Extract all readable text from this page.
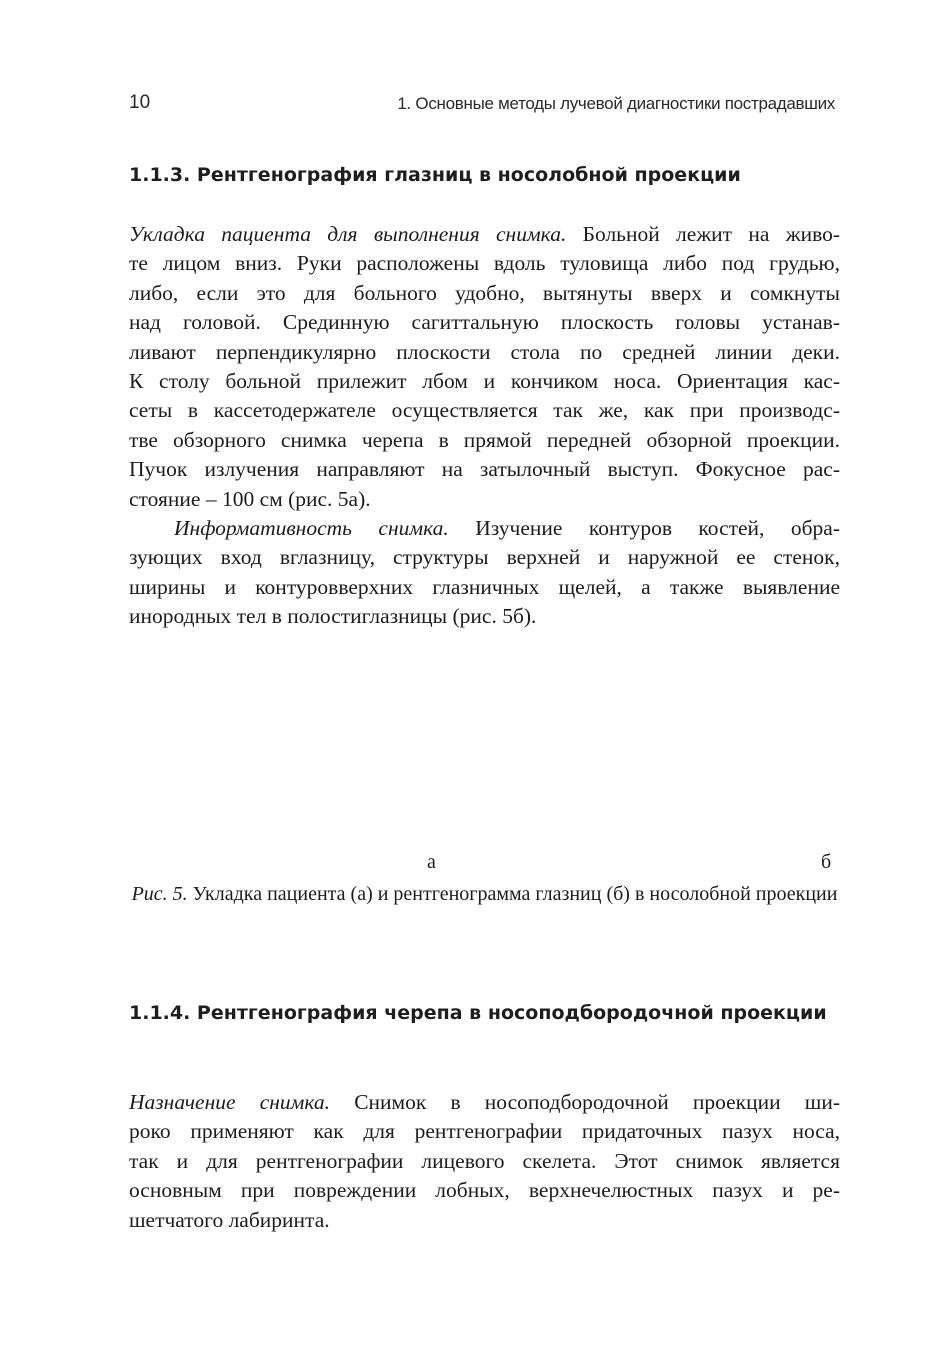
10	1. Основные методы лучевой диагностики пострадавших
1.1.3. Рентгенография глазниц в носолобной проекции
Укладка пациента для выполнения снимка. Больной лежит на живо-
те лицом вниз. Руки расположены вдоль туловища либо под грудью,
либо, если это для больного удобно, вытянуты вверх и сомкнуты
над головой. Срединную сагиттальную плоскость головы устанав-
ливают перпендикулярно плоскости стола по средней линии деки.
К столу больной прилежит лбом и кончиком носа. Ориентация кас-
сеты в кассетодержателе осуществляется так же, как при производс-
тве обзорного снимка черепа в прямой передней обзорной проекции.
Пучок излучения направляют на затылочный выступ. Фокусное рас-
стояние – 100 см (рис. 5а).
Информативность снимка. Изучение контуров костей, обра-
зующих вход вглазницу, структуры верхней и наружной ее стенок,
ширины и контуровверхних глазничных щелей, а также выявление
инородных тел в полостиглазницы (рис. 5б).
а	б
Рис. 5. Укладка пациента (а) и рентгенограмма глазниц (б) в носолобной проекции
1.1.4. Рентгенография черепа в носоподбородочной проекции
Назначение снимка. Снимок в носоподбородочной проекции ши-
роко применяют как для рентгенографии придаточных пазух носа,
так и для рентгенографии лицевого скелета. Этот снимок является
основным при повреждении лобных, верхнечелюстных пазух и ре-
шетчатого лабиринта.
